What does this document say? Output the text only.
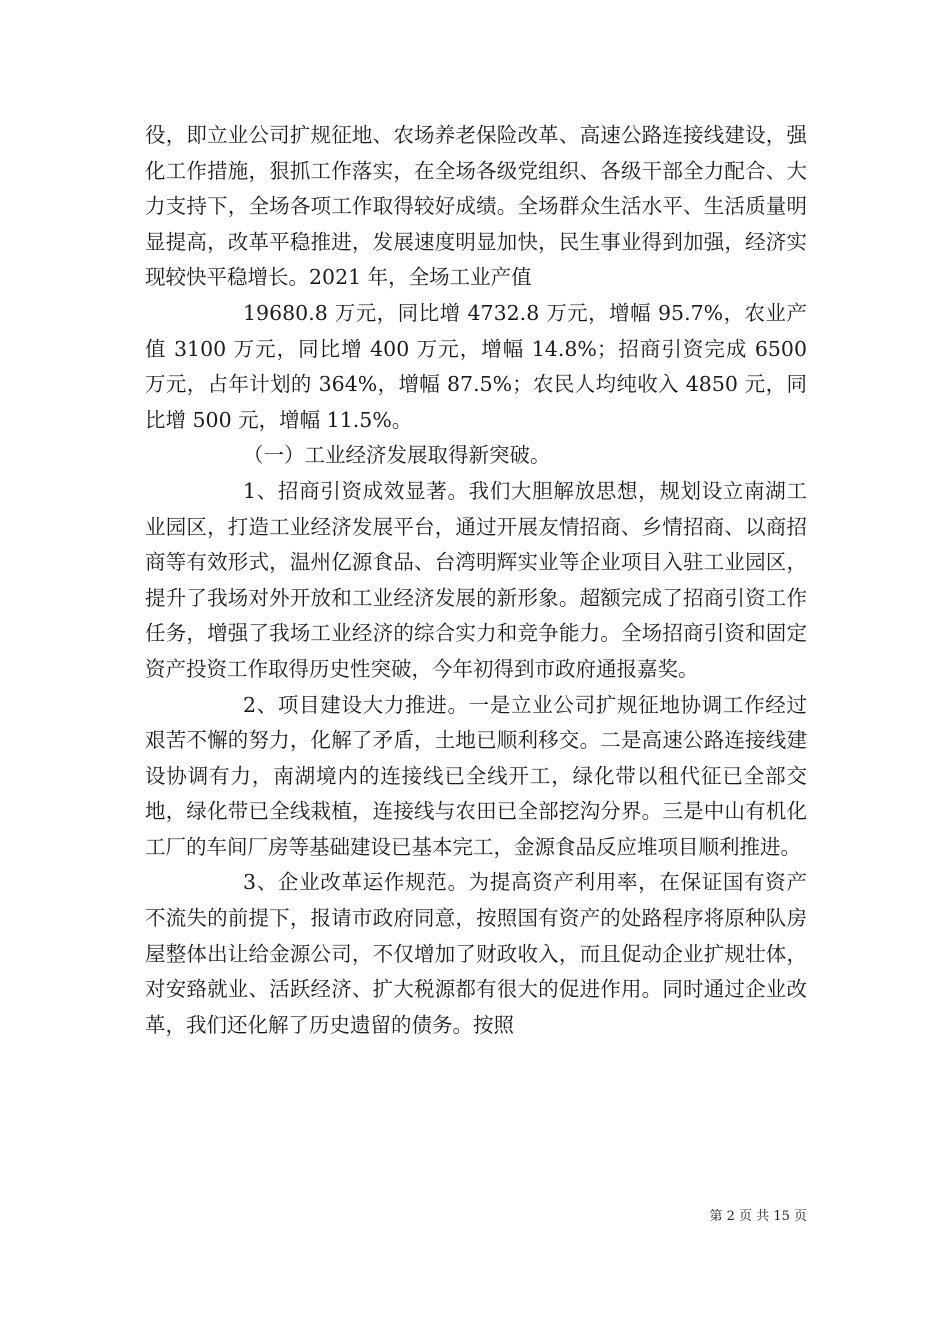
役，即立业公司扩规征地、农场养老保险改革、高速公路连接线建设，强化工作措施，狠抓工作落实，在全场各级党组织、各级干部全力配合、大力支持下，全场各项工作取得较好成绩。全场群众生活水平、生活质量明显提高，改革平稳推进，发展速度明显加快，民生事业得到加强，经济实现较快平稳增长。2021 年，全场工业产值

19680.8 万元，同比增 4732.8 万元，增幅 95.7%，农业产值 3100 万元，同比增 400 万元，增幅 14.8%；招商引资完成 6500 万元，占年计划的 364%，增幅 87.5%；农民人均纯收入 4850 元，同比增 500 元，增幅 11.5%。

（一）工业经济发展取得新突破。

1、招商引资成效显著。我们大胆解放思想，规划设立南湖工业园区，打造工业经济发展平台，通过开展友情招商、乡情招商、以商招商等有效形式，温州亿源食品、台湾明辉实业等企业项目入驻工业园区，提升了我场对外开放和工业经济发展的新形象。超额完成了招商引资工作任务，增强了我场工业经济的综合实力和竞争能力。全场招商引资和固定资产投资工作取得历史性突破，今年初得到市政府通报嘉奖。

2、项目建设大力推进。一是立业公司扩规征地协调工作经过艰苦不懈的努力，化解了矛盾，土地已顺利移交。二是高速公路连接线建设协调有力，南湖境内的连接线已全线开工，绿化带以租代征已全部交地，绿化带已全线栽植，连接线与农田已全部挖沟分界。三是中山有机化工厂的车间厂房等基础建设已基本完工，金源食品反应堆项目顺利推进。

3、企业改革运作规范。为提高资产利用率，在保证国有资产不流失的前提下，报请市政府同意，按照国有资产的处路程序将原种队房屋整体出让给金源公司，不仅增加了财政收入，而且促动企业扩规壮体，对安臵就业、活跃经济、扩大税源都有很大的促进作用。同时通过企业改革，我们还化解了历史遗留的债务。按照

第 2 页 共 15 页
